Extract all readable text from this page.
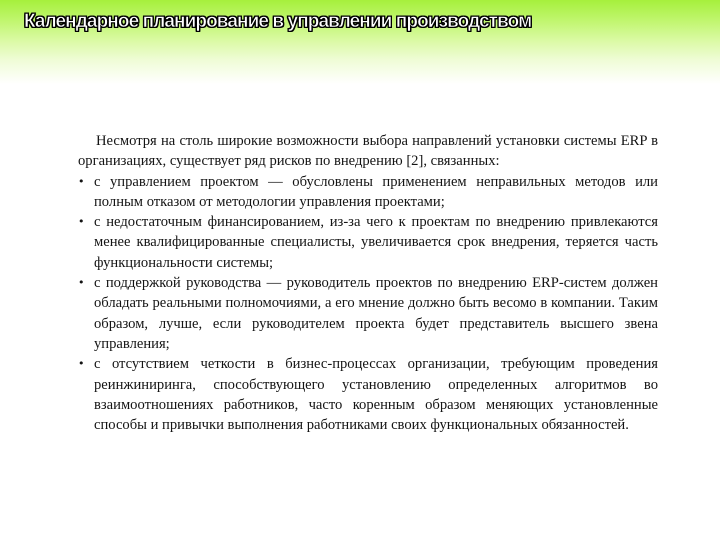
Календарное планирование в управлении производством

Несмотря на столь широкие возможности выбора направлений установки системы ERP в организациях, существует ряд рисков по внедрению [2], связанных:

• с управлением проектом — обусловлены применением неправильных методов или полным отказом от методологии управления проектами;
• с недостаточным финансированием, из-за чего к проектам по внедрению привлекаются менее квалифицированные специалисты, увеличивается срок внедрения, теряется часть функциональности системы;
• с поддержкой руководства — руководитель проектов по внедрению ERP-систем должен обладать реальными полномочиями, а его мнение должно быть весомо в компании. Таким образом, лучше, если руководителем проекта будет представитель высшего звена управления;
• с отсутствием четкости в бизнес-процессах организации, требующим проведения реинжиниринга, способствующего установлению определенных алгоритмов во взаимоотношениях работников, часто коренным образом меняющих установленные способы и привычки выполнения работниками своих функциональных обязанностей.
